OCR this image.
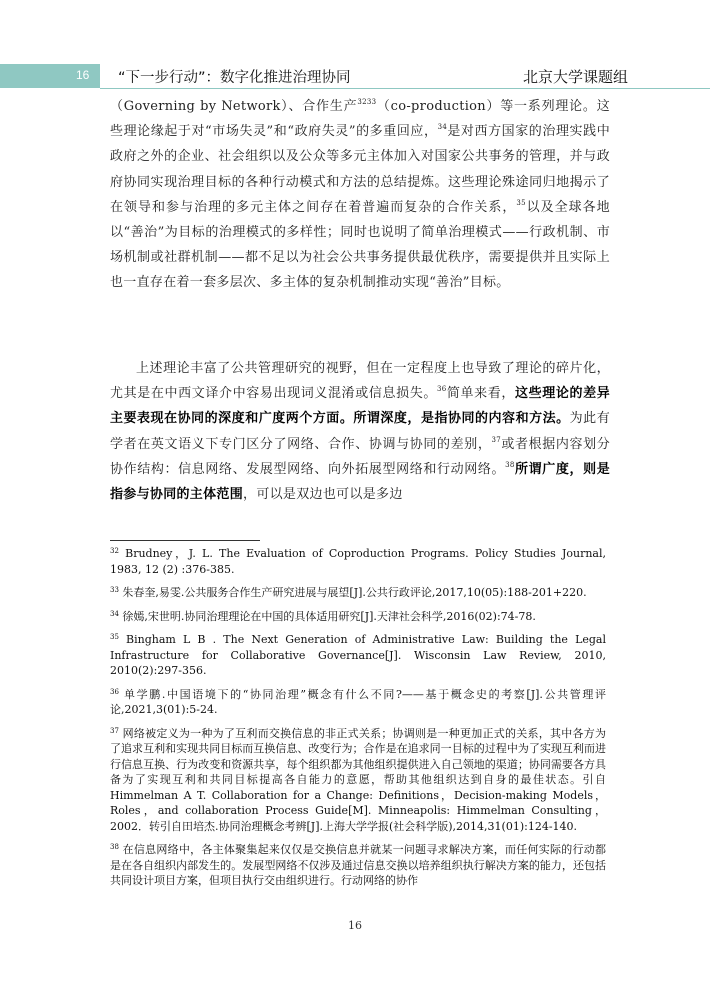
16 “下一步行动”：数字化推进治理协同	北京大学课题组

（Governing by Network）、合作生产$^{3233}$（co-production）等一系列理论。这些理论缘起于对“市场失灵”和“政府失灵”的多重回应，$^{34}$是对西方国家的治理实践中政府之外的企业、社会组织以及公众等多元主体加入对国家公共事务的管理，并与政府协同实现治理目标的各种行动模式和方法的总结提炼。这些理论殊途同归地揭示了在领导和参与治理的多元主体之间存在着普遍而复杂的合作关系，$^{35}$以及全球各地以“善治”为目标的治理模式的多样性；同时也说明了简单治理模式——行政机制、市场机制或社群机制——都不足以为社会公共事务提供最优秩序，需要提供并且实际上也一直存在着一套多层次、多主体的复杂机制推动实现“善治”目标。

上述理论丰富了公共管理研究的视野，但在一定程度上也导致了理论的碎片化，尤其是在中西文译介中容易出现词义混淆或信息损失。$^{36}$简单来看，这些理论的差异主要表现在协同的深度和广度两个方面。所谓深度，是指协同的内容和方法。为此有学者在英文语义下专门区分了网络、合作、协调与协同的差别，$^{37}$或者根据内容划分协作结构：信息网络、发展型网络、向外拓展型网络和行动网络。$^{38}$所谓广度，则是指参与协同的主体范围，可以是双边也可以是多边

$^{32}$ Brudney，J. L. The Evaluation of Coproduction Programs. Policy Studies Journal, 1983, 12 (2) :376-385.

$^{33}$ 朱春奎,易雯.公共服务合作生产研究进展与展望[J].公共行政评论,2017,10(05):188-201+220.

$^{34}$ 徐嫣,宋世明.协同治理理论在中国的具体适用研究[J].天津社会科学,2016(02):74-78.

$^{35}$ Bingham L B . The Next Generation of Administrative Law: Building the Legal Infrastructure for Collaborative Governance[J]. Wisconsin Law Review, 2010, 2010(2):297-356.

$^{36}$ 单学鹏.中国语境下的“协同治理”概念有什么不同?——基于概念史的考察[J].公共管理评论,2021,3(01):5-24.

$^{37}$ 网络被定义为一种为了互利而交换信息的非正式关系；协调则是一种更加正式的关系，其中各方为了追求互利和实现共同目标而互换信息、改变行为；合作是在追求同一目标的过程中为了实现互利而进行信息互换、行为改变和资源共享，每个组织都为其他组织提供进入自己领地的渠道；协同需要各方具备为了实现互利和共同目标提高各自能力的意愿，帮助其他组织达到自身的最佳状态。引自 Himmelman A T. Collaboration for a Change: Definitions，Decision-making Models，Roles，and collaboration Process Guide[M]. Minneapolis: Himmelman Consulting，2002．转引自田培杰.协同治理概念考辨[J].上海大学学报(社会科学版),2014,31(01):124-140.

$^{38}$ 在信息网络中，各主体聚集起来仅仅是交换信息并就某一问题寻求解决方案，而任何实际的行动都是在各自组织内部发生的。发展型网络不仅涉及通过信息交换以培养组织执行解决方案的能力，还包括共同设计项目方案，但项目执行交由组织进行。行动网络的协作

16
